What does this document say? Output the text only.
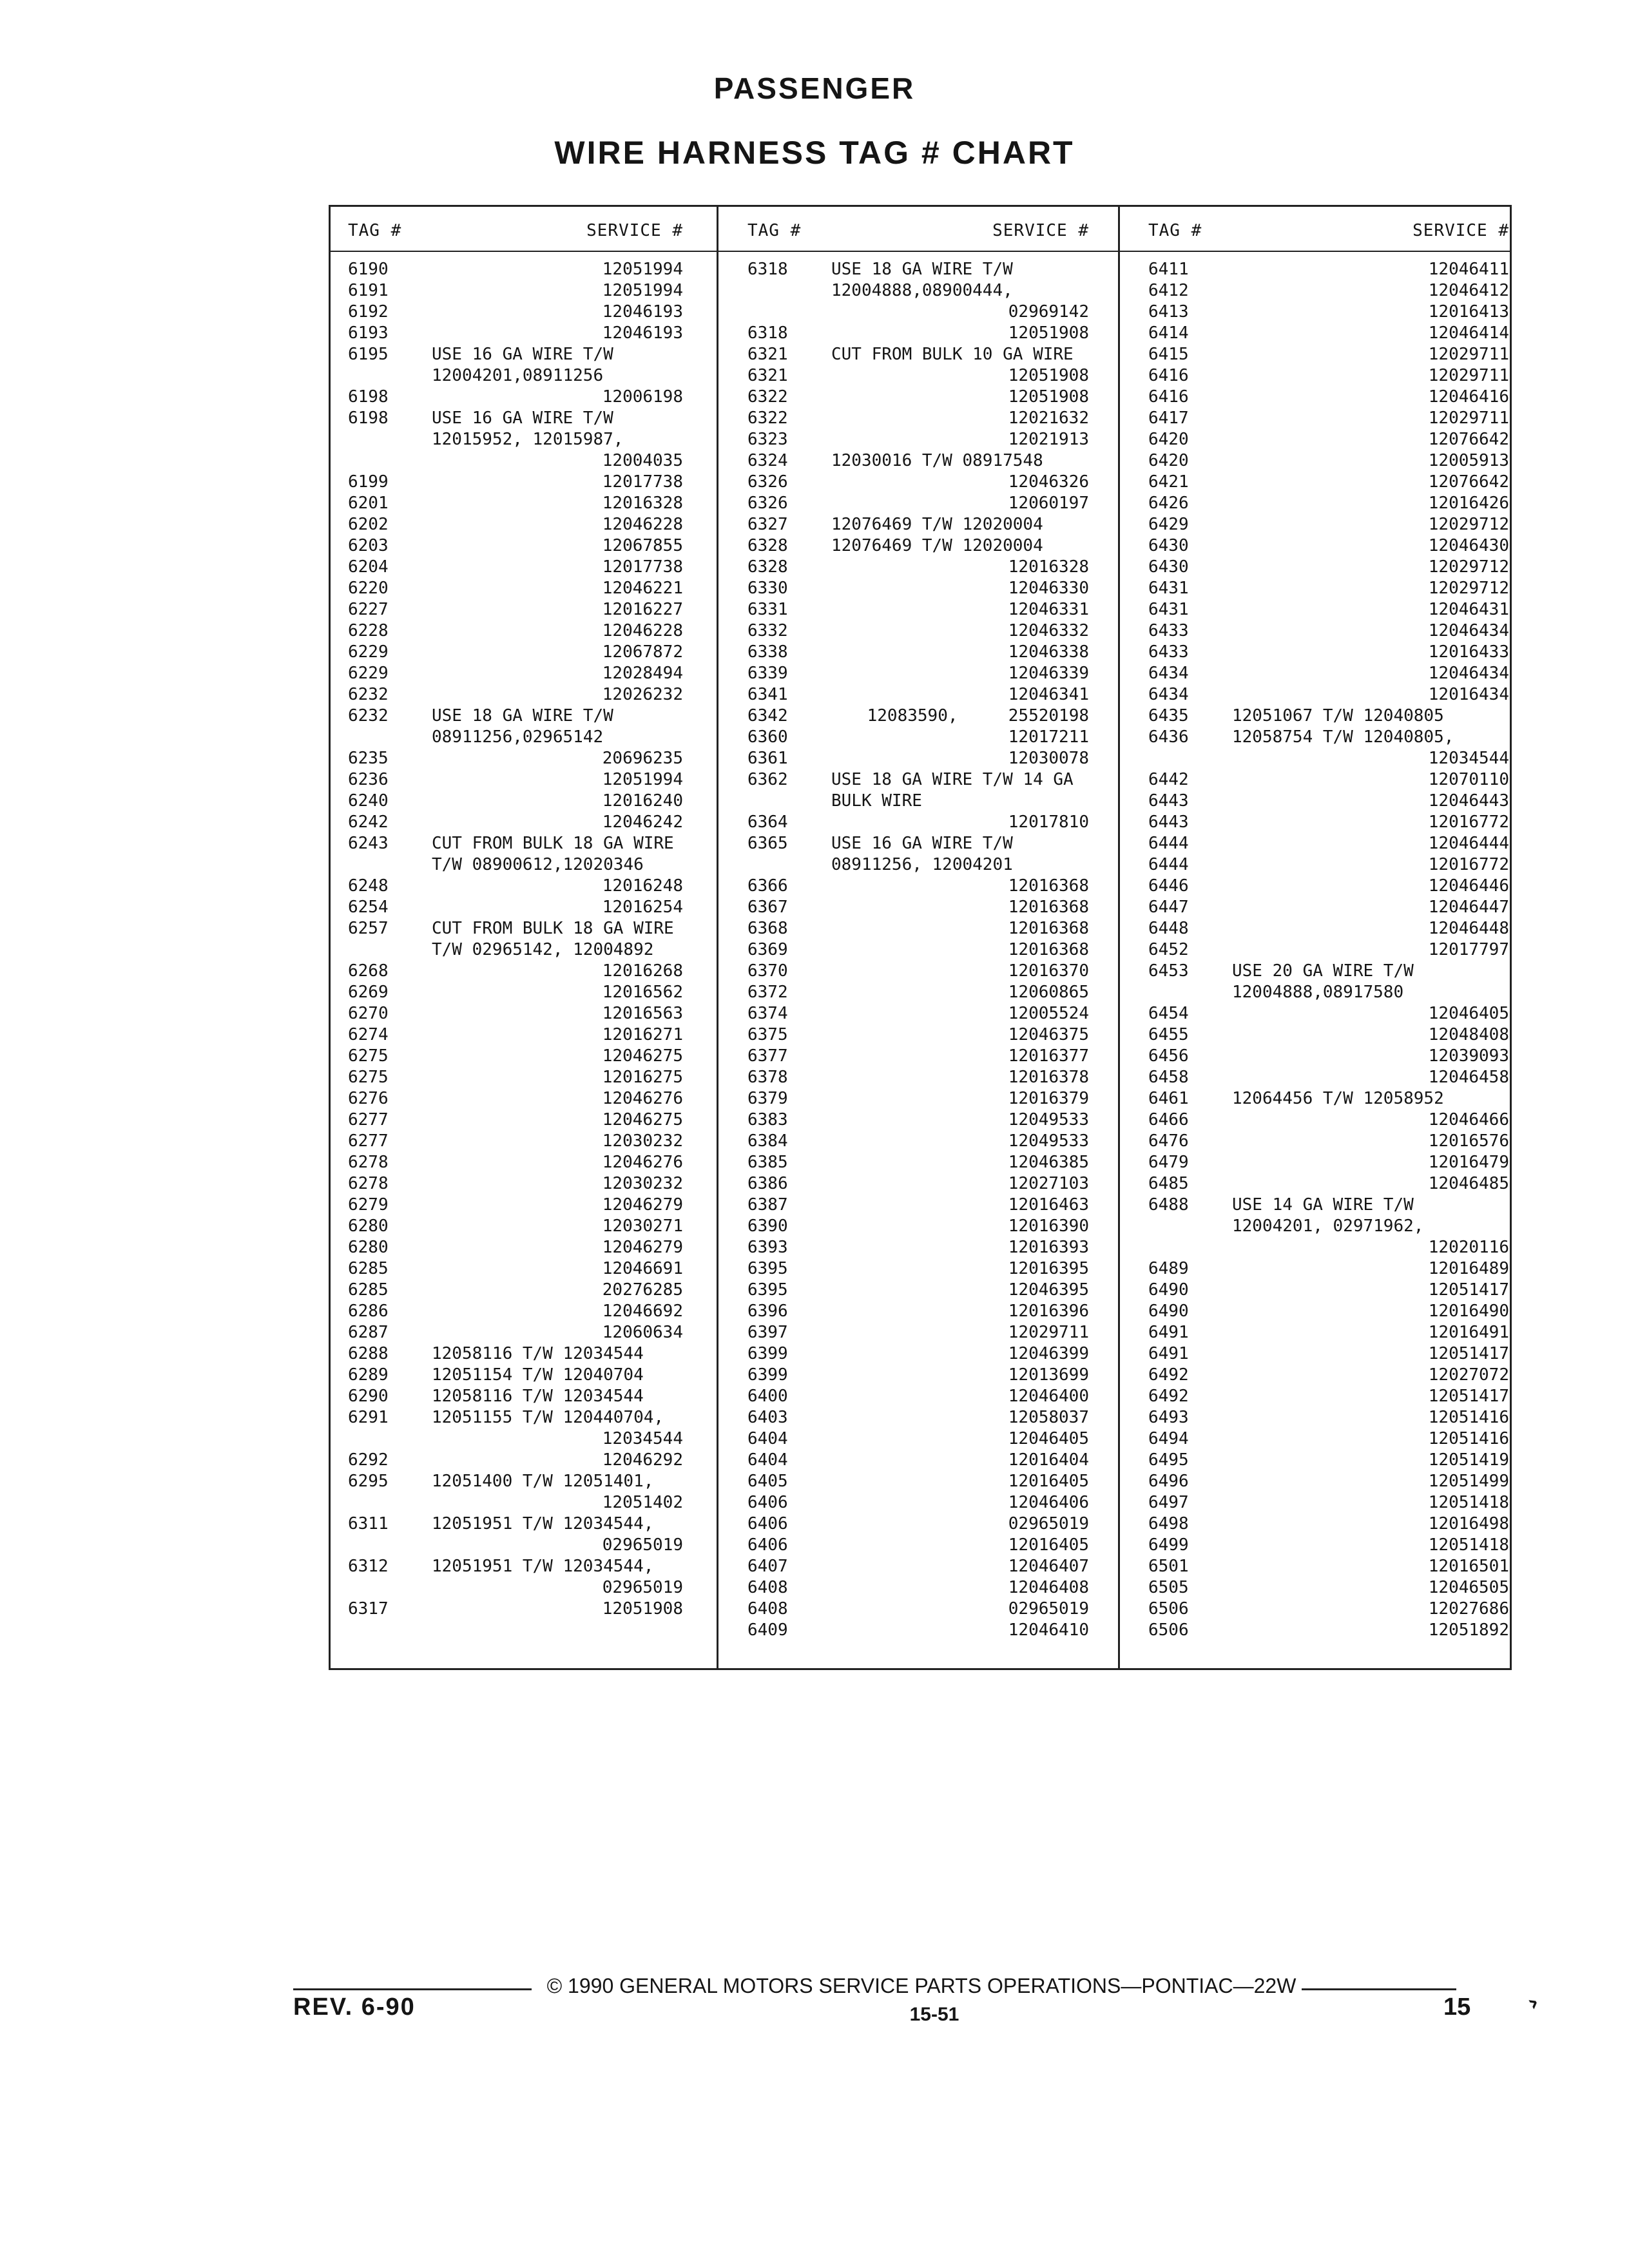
PASSENGER
WIRE HARNESS TAG # CHART
TAG #	SERVICE #
6190	12051994
6191	12051994
6192	12046193
6193	12046193
6195	USE 16 GA WIRE T/W
12004201,08911256
6198	12006198
6198	USE 16 GA WIRE T/W
12015952, 12015987,
12004035
6199	12017738
6201	12016328
6202	12046228
6203	12067855
6204	12017738
6220	12046221
6227	12016227
6228	12046228
6229	12067872
6229	12028494
6232	12026232
6232	USE 18 GA WIRE T/W
08911256,02965142
6235	20696235
6236	12051994
6240	12016240
6242	12046242
6243	CUT FROM BULK 18 GA WIRE
T/W 08900612,12020346
6248	12016248
6254	12016254
6257	CUT FROM BULK 18 GA WIRE
T/W 02965142, 12004892
6268	12016268
6269	12016562
6270	12016563
6274	12016271
6275	12046275
6275	12016275
6276	12046276
6277	12046275
6277	12030232
6278	12046276
6278	12030232
6279	12046279
6280	12030271
6280	12046279
6285	12046691
6285	20276285
6286	12046692
6287	12060634
6288	12058116 T/W 12034544
6289	12051154 T/W 12040704
6290	12058116 T/W 12034544
6291	12051155 T/W 120440704,
12034544
6292	12046292
6295	12051400 T/W 12051401,
12051402
6311	12051951 T/W 12034544,
02965019
6312	12051951 T/W 12034544,
02965019
6317	12051908
TAG #	SERVICE #
6318	USE 18 GA WIRE T/W
12004888,08900444,
02969142
6318	12051908
6321	CUT FROM BULK 10 GA WIRE
6321	12051908
6322	12051908
6322	12021632
6323	12021913
6324	12030016 T/W 08917548
6326	12046326
6326	12060197
6327	12076469 T/W 12020004
6328	12076469 T/W 12020004
6328	12016328
6330	12046330
6331	12046331
6332	12046332
6338	12046338
6339	12046339
6341	12046341
6342	12083590,     25520198
6360	12017211
6361	12030078
6362	USE 18 GA WIRE T/W 14 GA
BULK WIRE
6364	12017810
6365	USE 16 GA WIRE T/W
08911256, 12004201
6366	12016368
6367	12016368
6368	12016368
6369	12016368
6370	12016370
6372	12060865
6374	12005524
6375	12046375
6377	12016377
6378	12016378
6379	12016379
6383	12049533
6384	12049533
6385	12046385
6386	12027103
6387	12016463
6390	12016390
6393	12016393
6395	12016395
6395	12046395
6396	12016396
6397	12029711
6399	12046399
6399	12013699
6400	12046400
6403	12058037
6404	12046405
6404	12016404
6405	12016405
6406	12046406
6406	02965019
6406	12016405
6407	12046407
6408	12046408
6408	02965019
6409	12046410
TAG #	SERVICE #
6411	12046411
6412	12046412
6413	12016413
6414	12046414
6415	12029711
6416	12029711
6416	12046416
6417	12029711
6420	12076642
6420	12005913
6421	12076642
6426	12016426
6429	12029712
6430	12046430
6430	12029712
6431	12029712
6431	12046431
6433	12046434
6433	12016433
6434	12046434
6434	12016434
6435	12051067 T/W 12040805
6436	12058754 T/W 12040805,
12034544
6442	12070110
6443	12046443
6443	12016772
6444	12046444
6444	12016772
6446	12046446
6447	12046447
6448	12046448
6452	12017797
6453	USE 20 GA WIRE T/W
12004888,08917580
6454	12046405
6455	12048408
6456	12039093
6458	12046458
6461	12064456 T/W 12058952
6466	12046466
6476	12016576
6479	12016479
6485	12046485
6488	USE 14 GA WIRE T/W
12004201, 02971962,
12020116
6489	12016489
6490	12051417
6490	12016490
6491	12016491
6491	12051417
6492	12027072
6492	12051417
6493	12051416
6494	12051416
6495	12051419
6496	12051499
6497	12051418
6498	12016498
6499	12051418
6501	12016501
6505	12046505
6506	12027686
6506	12051892
© 1990 GENERAL MOTORS SERVICE PARTS OPERATIONS—PONTIAC—22W
REV. 6-90	15-51	15 ›
